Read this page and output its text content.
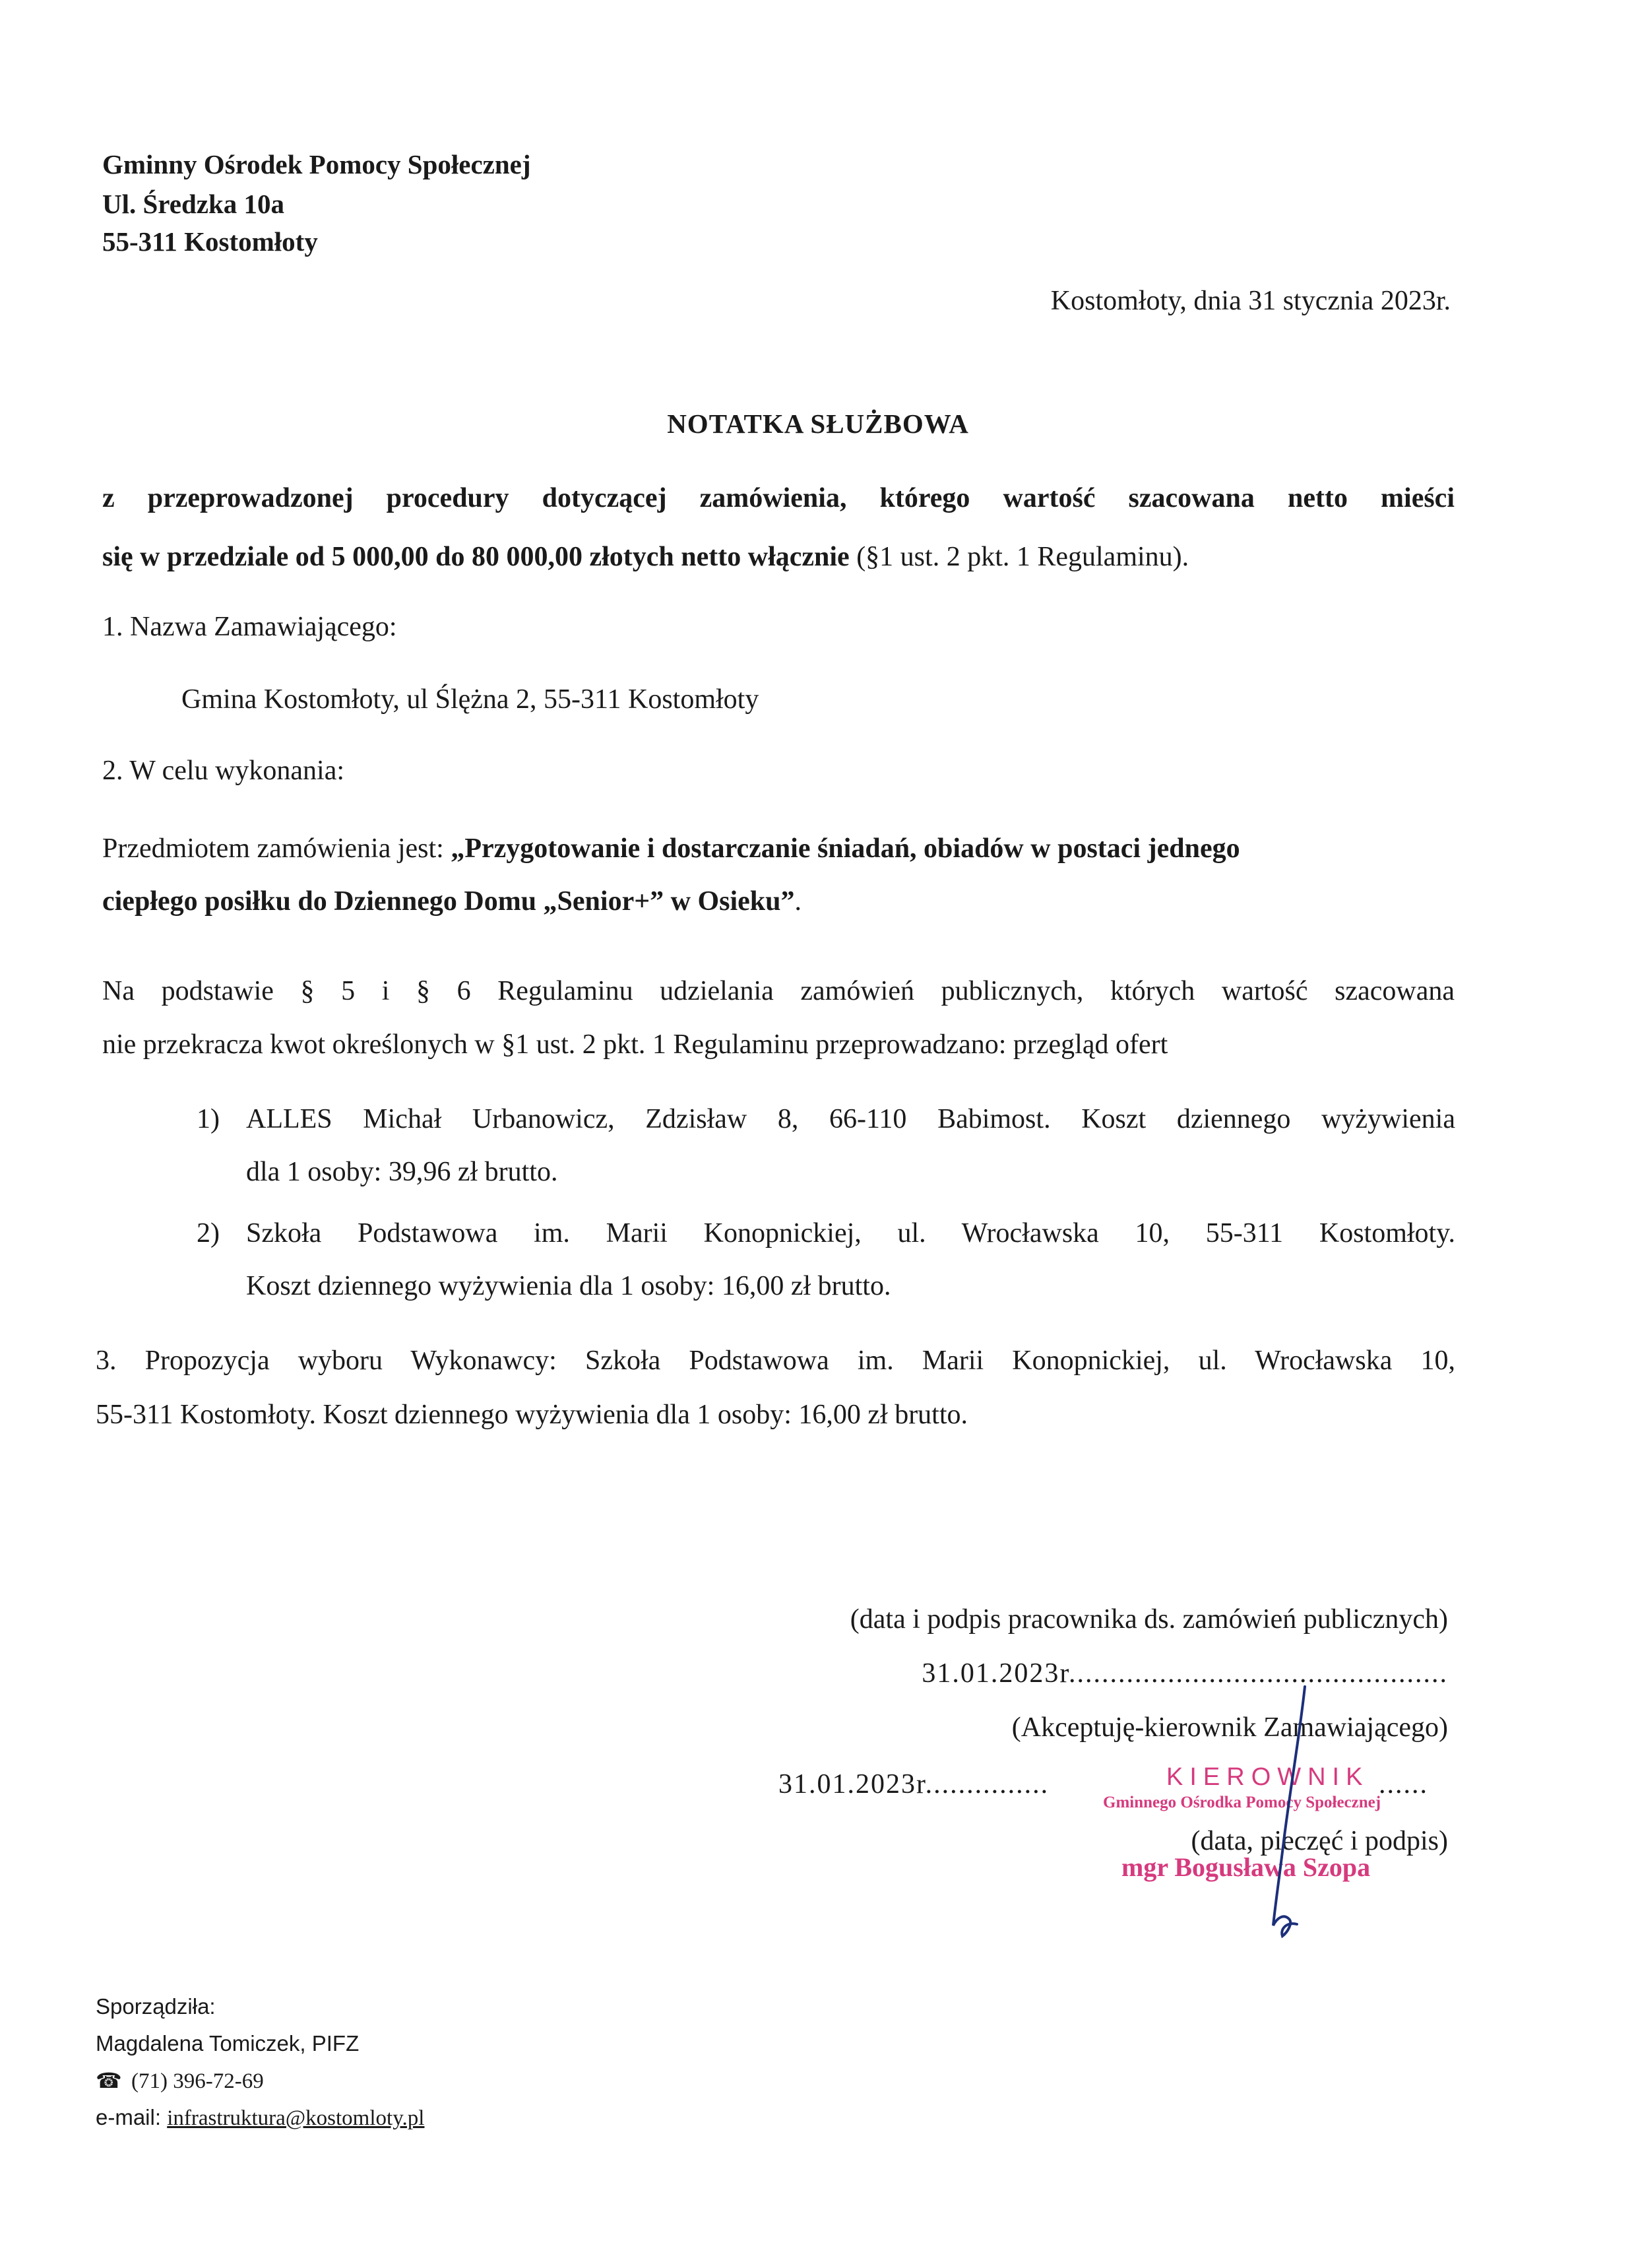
Gminny Ośrodek Pomocy Społecznej
Ul. Średzka 10a
55-311 Kostomłoty
Kostomłoty, dnia 31 stycznia 2023r.
NOTATKA SŁUŻBOWA
z przeprowadzonej procedury dotyczącej zamówienia, którego wartość szacowana netto mieści
się w przedziale od 5 000,00 do 80 000,00 złotych netto włącznie (§1 ust. 2 pkt. 1 Regulaminu).
1. Nazwa Zamawiającego:
Gmina Kostomłoty, ul Ślężna 2, 55-311 Kostomłoty
2. W celu wykonania:
Przedmiotem zamówienia jest: „Przygotowanie i dostarczanie śniadań, obiadów w postaci jednego
ciepłego posiłku do Dziennego Domu „Senior+” w Osieku”.
Na podstawie § 5 i § 6 Regulaminu udzielania zamówień publicznych, których wartość szacowana
nie przekracza kwot określonych w §1 ust. 2 pkt. 1 Regulaminu przeprowadzano: przegląd ofert
1) ALLES Michał Urbanowicz, Zdzisław 8, 66-110 Babimost. Koszt dziennego wyżywienia
dla 1 osoby: 39,96 zł brutto.
2) Szkoła Podstawowa im. Marii Konopnickiej, ul. Wrocławska 10, 55-311 Kostomłoty.
Koszt dziennego wyżywienia dla 1 osoby: 16,00 zł brutto.
3. Propozycja wyboru Wykonawcy: Szkoła Podstawowa im. Marii Konopnickiej, ul. Wrocławska 10,
55-311 Kostomłoty. Koszt dziennego wyżywienia dla 1 osoby: 16,00 zł brutto.
(data i podpis pracownika ds. zamówień publicznych)
31.01.2023r..............................................
(Akceptuję-kierownik Zamawiającego)
31.01.2023r...............	......
(data, pieczęć i podpis)
KIEROWNIK
Gminnego Ośrodka Pomocy Społecznej
mgr Bogusława Szopa
Sporządziła:
Magdalena Tomiczek, PIFZ
☎ (71) 396-72-69
e-mail: infrastruktura@kostomloty.pl
